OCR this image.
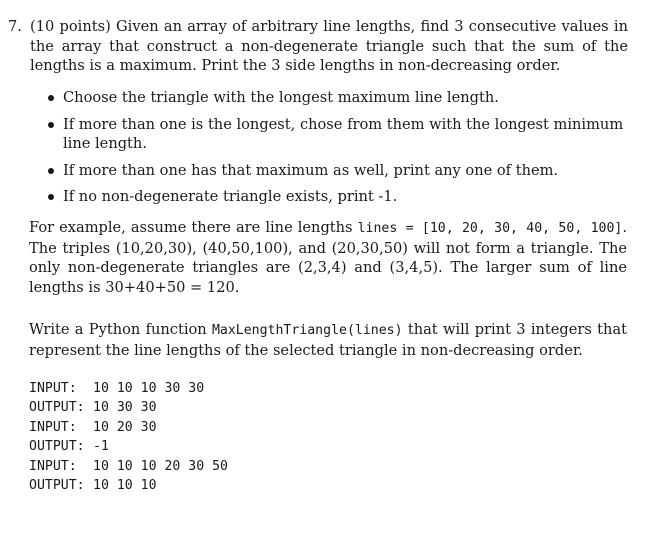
7. (10 points) Given an array of arbitrary line lengths, find 3 consecutive values in the array that construct a non-degenerate triangle such that the sum of the lengths is a maximum. Print the 3 side lengths in non-decreasing order.
Choose the triangle with the longest maximum line length.
If more than one is the longest, chose from them with the longest minimum line length.
If more than one has that maximum as well, print any one of them.
If no non-degenerate triangle exists, print -1.

For example, assume there are line lengths lines = [10, 20, 30, 40, 50, 100]. The triples (10,20,30), (40,50,100), and (20,30,50) will not form a triangle. The only non-degenerate triangles are (2,3,4) and (3,4,5). The larger sum of line lengths is 30+40+50 = 120.

Write a Python function MaxLengthTriangle(lines) that will print 3 integers that represent the line lengths of the selected triangle in non-decreasing order.

INPUT:	10 10 10 30 30
OUTPUT: 10 30 30
INPUT:	10 20 30
OUTPUT: -1
INPUT:	10 10 10 20 30 50
OUTPUT: 10 10 10
